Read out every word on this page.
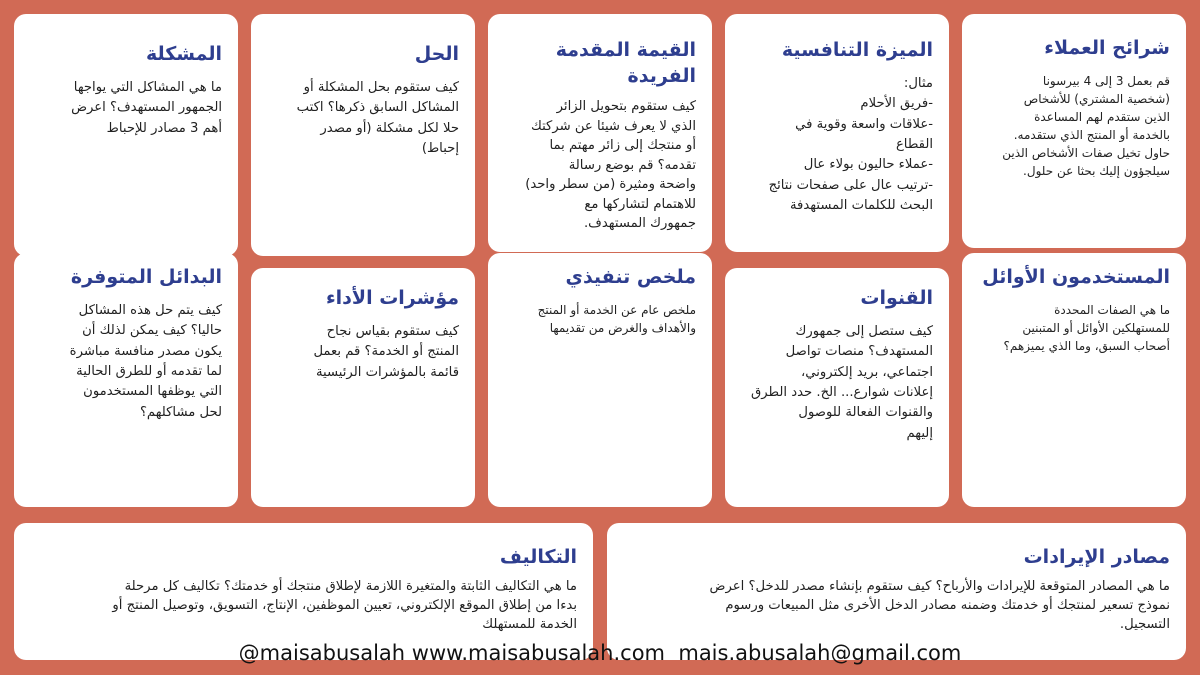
شرائح العملاء
قم بعمل 3 إلى 4 بيرسونا
(شخصية المشتري) للأشخاص
الذين ستقدم لهم المساعدة
بالخدمة أو المنتج الذي ستقدمه.
حاول تخيل صفات الأشخاص الذين
سيلجؤون إليك بحثا عن حلول.
المستخدمون الأوائل
ما هي الصفات المحددة
للمستهلكين الأوائل أو المتبنين
أصحاب السبق، وما الذي يميزهم؟
الميزة التنافسية
مثال:
-فريق الأحلام
-علاقات واسعة وقوية في
القطاع
-عملاء حاليون بولاء عال
-ترتيب عال على صفحات نتائج
البحث للكلمات المستهدفة
القنوات
كيف ستصل إلى جمهورك
المستهدف؟ منصات تواصل
اجتماعي، بريد إلكتروني،
إعلانات شوارع... الخ. حدد الطرق
والقنوات الفعالة للوصول
إليهم
القيمة المقدمة
الفريدة
كيف ستقوم بتحويل الزائر
الذي لا يعرف شيئا عن شركتك
أو منتجك إلى زائر مهتم بما
تقدمه؟ قم بوضع رسالة
واضحة ومثيرة (من سطر واحد)
للاهتمام لتشاركها مع
جمهورك المستهدف.
ملخص تنفيذي
ملخص عام عن الخدمة أو المنتج
والأهداف والغرض من تقديمها
الحل
كيف ستقوم بحل المشكلة أو
المشاكل السابق ذكرها؟ اكتب
حلا لكل مشكلة (أو مصدر
إحباط)
مؤشرات الأداء
كيف ستقوم بقياس نجاح
المنتج أو الخدمة؟ قم بعمل
قائمة بالمؤشرات الرئيسية
المشكلة
ما هي المشاكل التي يواجها
الجمهور المستهدف؟ اعرض
أهم 3 مصادر للإحباط
البدائل المتوفرة
كيف يتم حل هذه المشاكل
حاليا؟ كيف يمكن لذلك أن
يكون مصدر منافسة مباشرة
لما تقدمه أو للطرق الحالية
التي يوظفها المستخدمون
لحل مشاكلهم؟
مصادر الإيرادات
ما هي المصادر المتوقعة للإيرادات والأرباح؟ كيف ستقوم بإنشاء مصدر للدخل؟ اعرض
نموذج تسعير لمنتجك أو خدمتك وضمنه مصادر الدخل الأخرى مثل المبيعات ورسوم
التسجيل.
التكاليف
ما هي التكاليف الثابتة والمتغيرة اللازمة لإطلاق منتجك أو خدمتك؟ تكاليف كل مرحلة
بدءا من إطلاق الموقع الإلكتروني، تعيين الموظفين، الإنتاج، التسويق، وتوصيل المنتج أو
الخدمة للمستهلك
@maisabusalah www.maisabusalah.com  mais.abusalah@gmail.com
